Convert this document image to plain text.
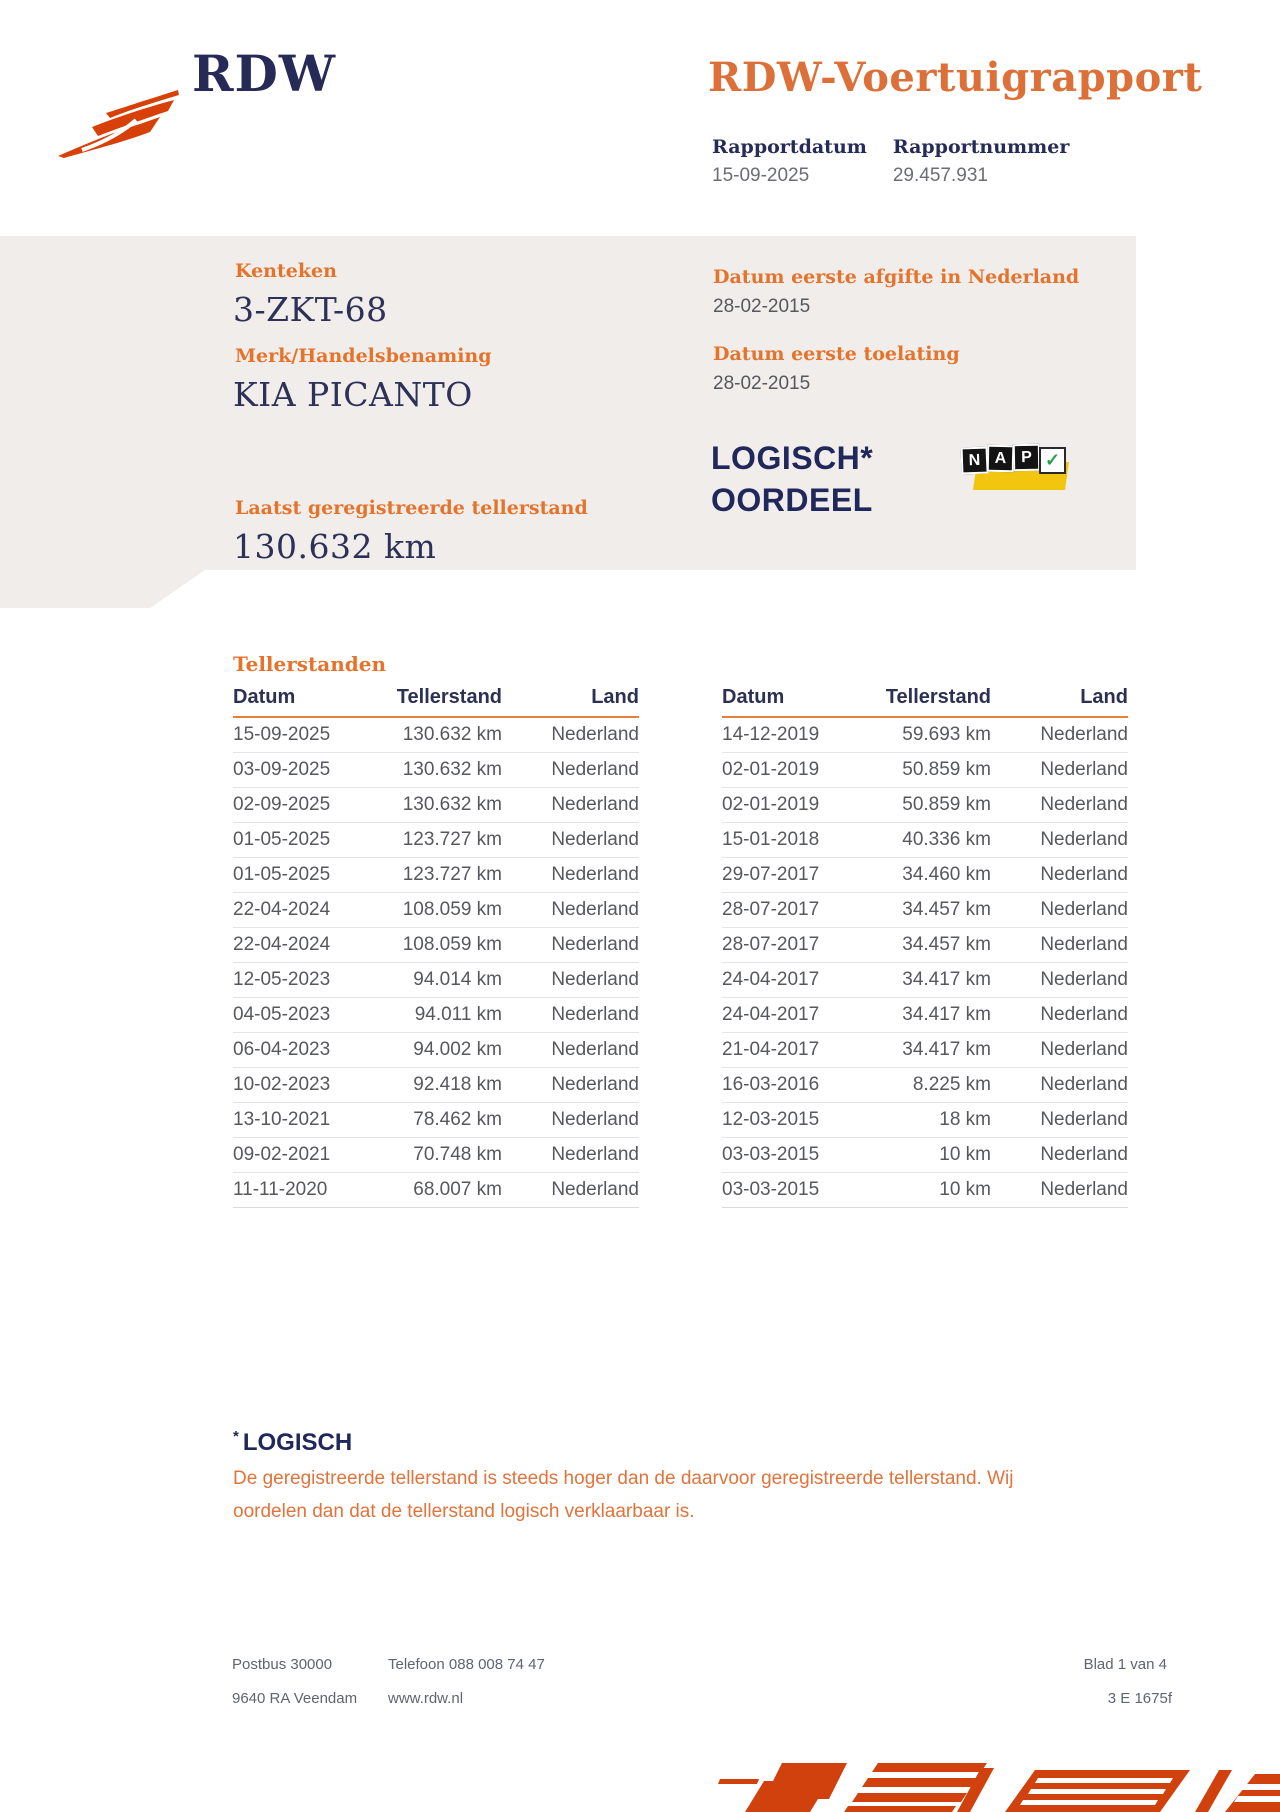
RDW	RDW-Voertuigrapport
Rapportdatum
15-09-2025
Rapportnummer
29.457.931
Kenteken
3-ZKT-68
Merk/Handelsbenaming
KIA PICANTO
Laatst geregistreerde tellerstand
130.632 km
Datum eerste afgifte in Nederland
28-02-2015
Datum eerste toelating
28-02-2015
LOGISCH*
OORDEEL
N A P ✓
Tellerstanden
Datum	Tellerstand	Land
15-09-2025	130.632 km	Nederland
03-09-2025	130.632 km	Nederland
02-09-2025	130.632 km	Nederland
01-05-2025	123.727 km	Nederland
01-05-2025	123.727 km	Nederland
22-04-2024	108.059 km	Nederland
22-04-2024	108.059 km	Nederland
12-05-2023	94.014 km	Nederland
04-05-2023	94.011 km	Nederland
06-04-2023	94.002 km	Nederland
10-02-2023	92.418 km	Nederland
13-10-2021	78.462 km	Nederland
09-02-2021	70.748 km	Nederland
11-11-2020	68.007 km	Nederland
Datum	Tellerstand	Land
14-12-2019	59.693 km	Nederland
02-01-2019	50.859 km	Nederland
02-01-2019	50.859 km	Nederland
15-01-2018	40.336 km	Nederland
29-07-2017	34.460 km	Nederland
28-07-2017	34.457 km	Nederland
28-07-2017	34.457 km	Nederland
24-04-2017	34.417 km	Nederland
24-04-2017	34.417 km	Nederland
21-04-2017	34.417 km	Nederland
16-03-2016	8.225 km	Nederland
12-03-2015	18 km	Nederland
03-03-2015	10 km	Nederland
03-03-2015	10 km	Nederland
* LOGISCH
De geregistreerde tellerstand is steeds hoger dan de daarvoor geregistreerde tellerstand. Wij oordelen dan dat de tellerstand logisch verklaarbaar is.
Postbus 30000
9640 RA Veendam
Telefoon 088 008 74 47
www.rdw.nl
Blad 1 van 4
3 E 1675f
